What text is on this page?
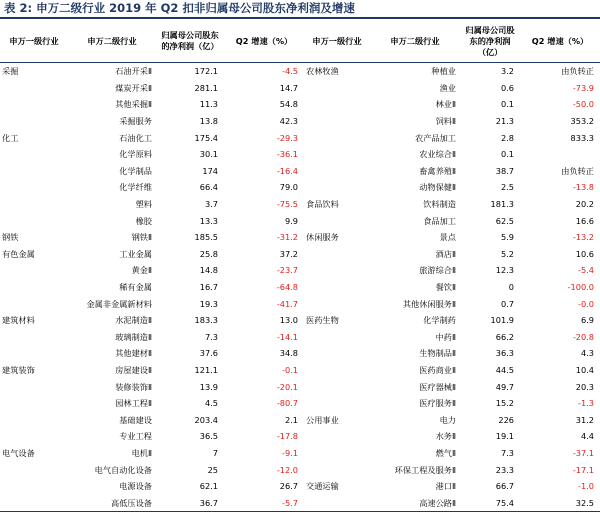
表 2: 申万二级行业 2019 年 Q2 扣非归属母公司股东净利润及增速
申万一级行业	申万二级行业	归属母公司股东的净利润（亿）	Q2 增速（%）	申万一级行业	申万二级行业	归属母公司股东的净利润（亿）	Q2 增速（%）
采掘	石油开采Ⅱ	172.1	-4.5	农林牧渔	种植业	3.2	由负转正
	煤炭开采Ⅱ	281.1	14.7		渔业	0.6	-73.9
	其他采掘Ⅱ	11.3	54.8		林业Ⅱ	0.1	-50.0
	采掘服务	13.8	42.3		饲料Ⅱ	21.3	353.2
化工	石油化工	175.4	-29.3		农产品加工	2.8	833.3
	化学原料	30.1	-36.1		农业综合Ⅱ	0.1	
	化学制品	174	-16.4		畜禽养殖Ⅱ	38.7	由负转正
	化学纤维	66.4	79.0		动物保健Ⅱ	2.5	-13.8
	塑料	3.7	-75.5	食品饮料	饮料制造	181.3	20.2
	橡胶	13.3	9.9		食品加工	62.5	16.6
钢铁	钢铁Ⅱ	185.5	-31.2	休闲服务	景点	5.9	-13.2
有色金属	工业金属	25.8	37.2		酒店Ⅱ	5.2	10.6
	黄金Ⅱ	14.8	-23.7		旅游综合Ⅱ	12.3	-5.4
	稀有金属	16.7	-64.8		餐饮Ⅱ	0	-100.0
	金属非金属新材料	19.3	-41.7		其他休闲服务Ⅱ	0.7	-0.0
建筑材料	水泥制造Ⅱ	183.3	13.0	医药生物	化学制药	101.9	6.9
	玻璃制造Ⅱ	7.3	-14.1		中药Ⅱ	66.2	-20.8
	其他建材Ⅱ	37.6	34.8		生物制品Ⅱ	36.3	4.3
建筑装饰	房屋建设Ⅱ	121.1	-0.1		医药商业Ⅱ	44.5	10.4
	装修装饰Ⅱ	13.9	-20.1		医疗器械Ⅱ	49.7	20.3
	园林工程Ⅱ	4.5	-80.7		医疗服务Ⅱ	15.2	-1.3
	基础建设	203.4	2.1	公用事业	电力	226	31.2
	专业工程	36.5	-17.8		水务Ⅱ	19.1	4.4
电气设备	电机Ⅱ	7	-9.1		燃气Ⅱ	7.3	-37.1
	电气自动化设备	25	-12.0		环保工程及服务Ⅱ	23.3	-17.1
	电源设备	62.1	26.7	交通运输	港口Ⅱ	66.7	-1.0
	高低压设备	36.7	-5.7		高速公路Ⅱ	75.4	32.5
